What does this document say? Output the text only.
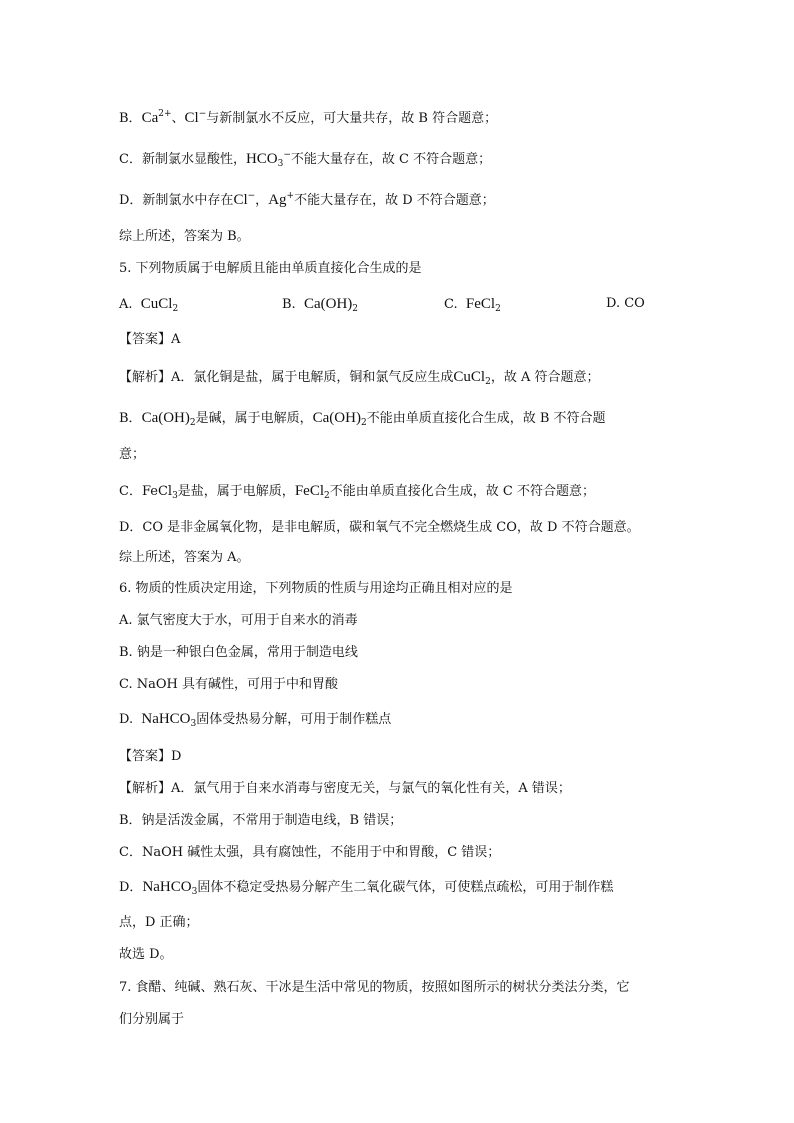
B．$Ca^{2+}$、Cl−与新制氯水不反应，可大量共存，故 B 符合题意；
C．新制氯水显酸性，$HCO_3^-$不能大量存在，故 C 不符合题意；
D．新制氯水中存在Cl−，Ag+不能大量存在，故 D 不符合题意；
综上所述，答案为 B。
5. 下列物质属于电解质且能由单质直接化合生成的是
A. CuCl$_2$	B. $Ca(OH)_2$	C. FeCl$_2$	D. CO
【答案】A
【解析】A．氯化铜是盐，属于电解质，铜和氯气反应生成CuCl$_2$，故 A 符合题意；
B．$Ca(OH)_2$是碱，属于电解质，$Ca(OH)_2$不能由单质直接化合生成，故 B 不符合题
意；
C．FeCl$_3$是盐，属于电解质，FeCl$_2$不能由单质直接化合生成，故 C 不符合题意；
D．CO 是非金属氧化物，是非电解质，碳和氧气不完全燃烧生成 CO，故 D 不符合题意。
综上所述，答案为 A。
6. 物质的性质决定用途，下列物质的性质与用途均正确且相对应的是
A. 氯气密度大于水，可用于自来水的消毒
B. 钠是一种银白色金属，常用于制造电线
C. NaOH 具有碱性，可用于中和胃酸
D. NaHCO$_3$固体受热易分解，可用于制作糕点
【答案】D
【解析】A．氯气用于自来水消毒与密度无关，与氯气的氧化性有关，A 错误；
B．钠是活泼金属，不常用于制造电线，B 错误；
C．NaOH 碱性太强，具有腐蚀性，不能用于中和胃酸，C 错误；
D．NaHCO$_3$固体不稳定受热易分解产生二氧化碳气体，可使糕点疏松，可用于制作糕
点，D 正确；
故选 D。
7. 食醋、纯碱、熟石灰、干冰是生活中常见的物质，按照如图所示的树状分类法分类，它
们分别属于
